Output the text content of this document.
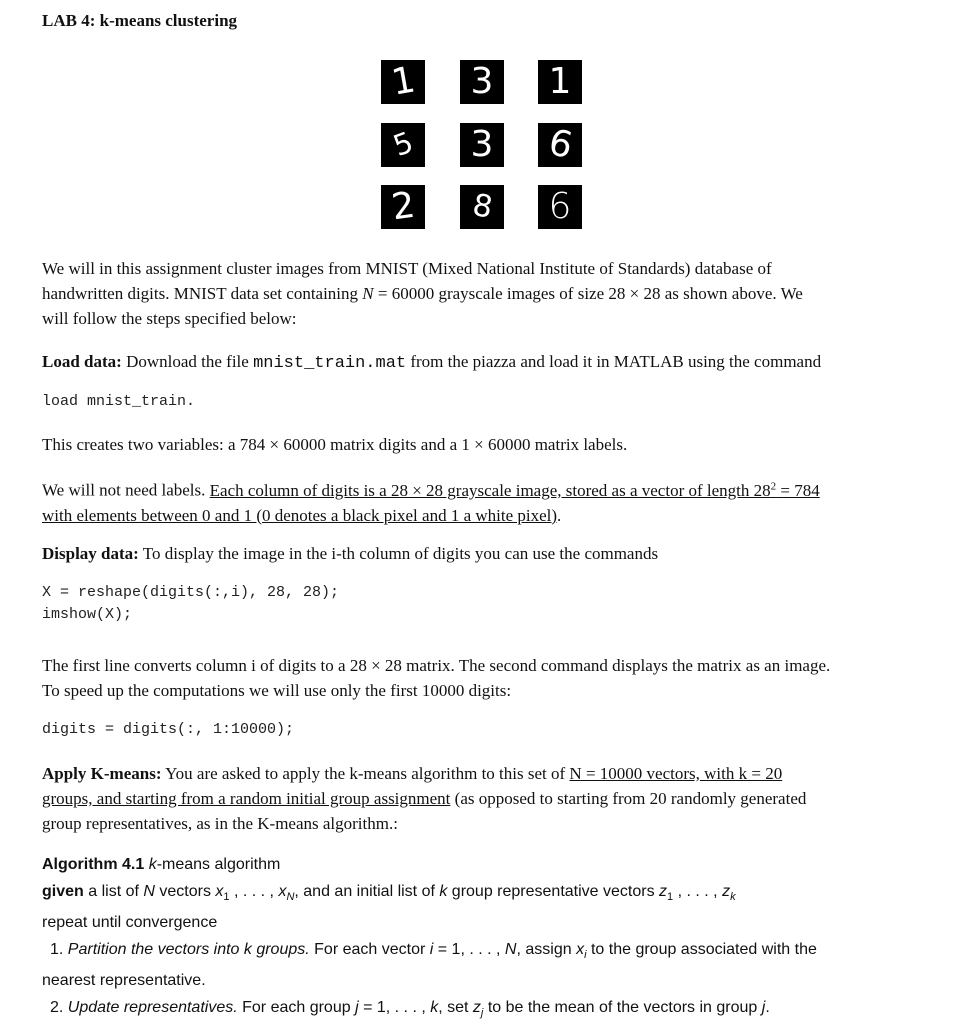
LAB 4: k-means clustering
1 3 1
5 3 6
2 8 6

We will in this assignment cluster images from MNIST (Mixed National Institute of Standards) database of
handwritten digits. MNIST data set containing N = 60000 grayscale images of size 28 × 28 as shown above. We
will follow the steps specified below:

Load data: Download the file mnist_train.mat from the piazza and load it in MATLAB using the command

load mnist_train.

This creates two variables: a 784 × 60000 matrix digits and a 1 × 60000 matrix labels.

We will not need labels. Each column of digits is a 28 × 28 grayscale image, stored as a vector of length $28^2 = 784$
with elements between 0 and 1 (0 denotes a black pixel and 1 a white pixel).

Display data: To display the image in the i-th column of digits you can use the commands

X = reshape(digits(:,i), 28, 28);
imshow(X);

The first line converts column i of digits to a 28 × 28 matrix. The second command displays the matrix as an image.
To speed up the computations we will use only the first 10000 digits:

digits = digits(:, 1:10000);

Apply K-means: You are asked to apply the k-means algorithm to this set of N = 10000 vectors, with k = 20
groups, and starting from a random initial group assignment (as opposed to starting from 20 randomly generated
group representatives, as in the K-means algorithm.:

Algorithm 4.1 k-means algorithm
given a list of N vectors $x_1$ , . . . , $x_N$, and an initial list of k group representative vectors $z_1$ , . . . , $z_k$
repeat until convergence
1. Partition the vectors into k groups. For each vector i = 1, . . . , N, assign $x_i$ to the group associated with the
nearest representative.
2. Update representatives. For each group j = 1, . . . , k, set $z_j$ to be the mean of the vectors in group j.
